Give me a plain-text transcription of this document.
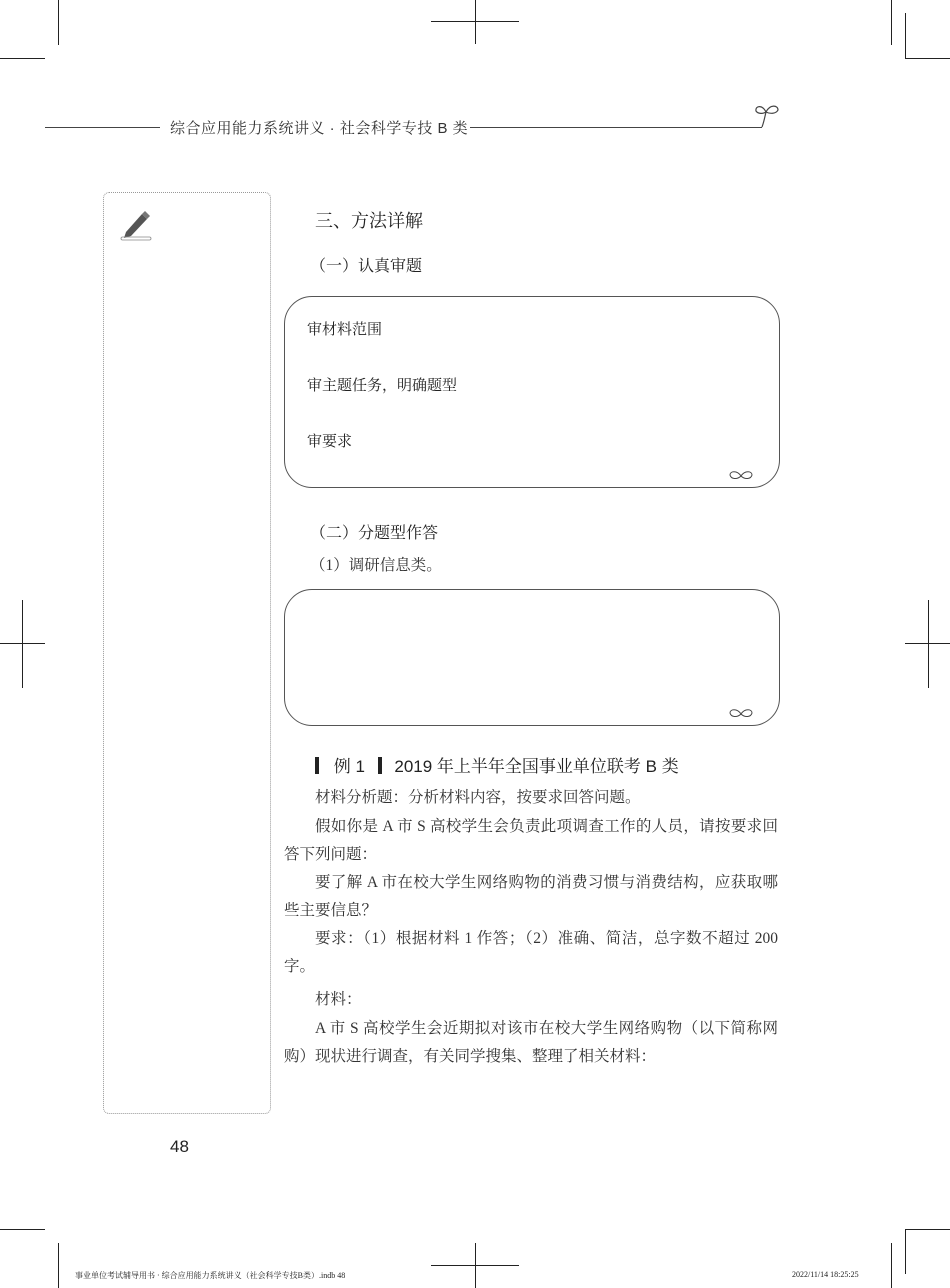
综合应用能力系统讲义 · 社会科学专技 B 类
三、方法详解
（一）认真审题
审材料范围
审主题任务，明确题型
审要求
（二）分题型作答
（1）调研信息类。
例 1 2019 年上半年全国事业单位联考 B 类

材料分析题：分析材料内容，按要求回答问题。

假如你是 A 市 S 高校学生会负责此项调查工作的人员，请按要求回答下列问题：

要了解 A 市在校大学生网络购物的消费习惯与消费结构，应获取哪些主要信息？

要求：（1）根据材料 1 作答；（2）准确、简洁，总字数不超过 200 字。

材料：

A 市 S 高校学生会近期拟对该市在校大学生网络购物（以下简称网购）现状进行调查，有关同学搜集、整理了相关材料：

48
事业单位考试辅导用书 · 综合应用能力系统讲义（社会科学专技B类）.indb 48	2022/11/14 18:25:25
